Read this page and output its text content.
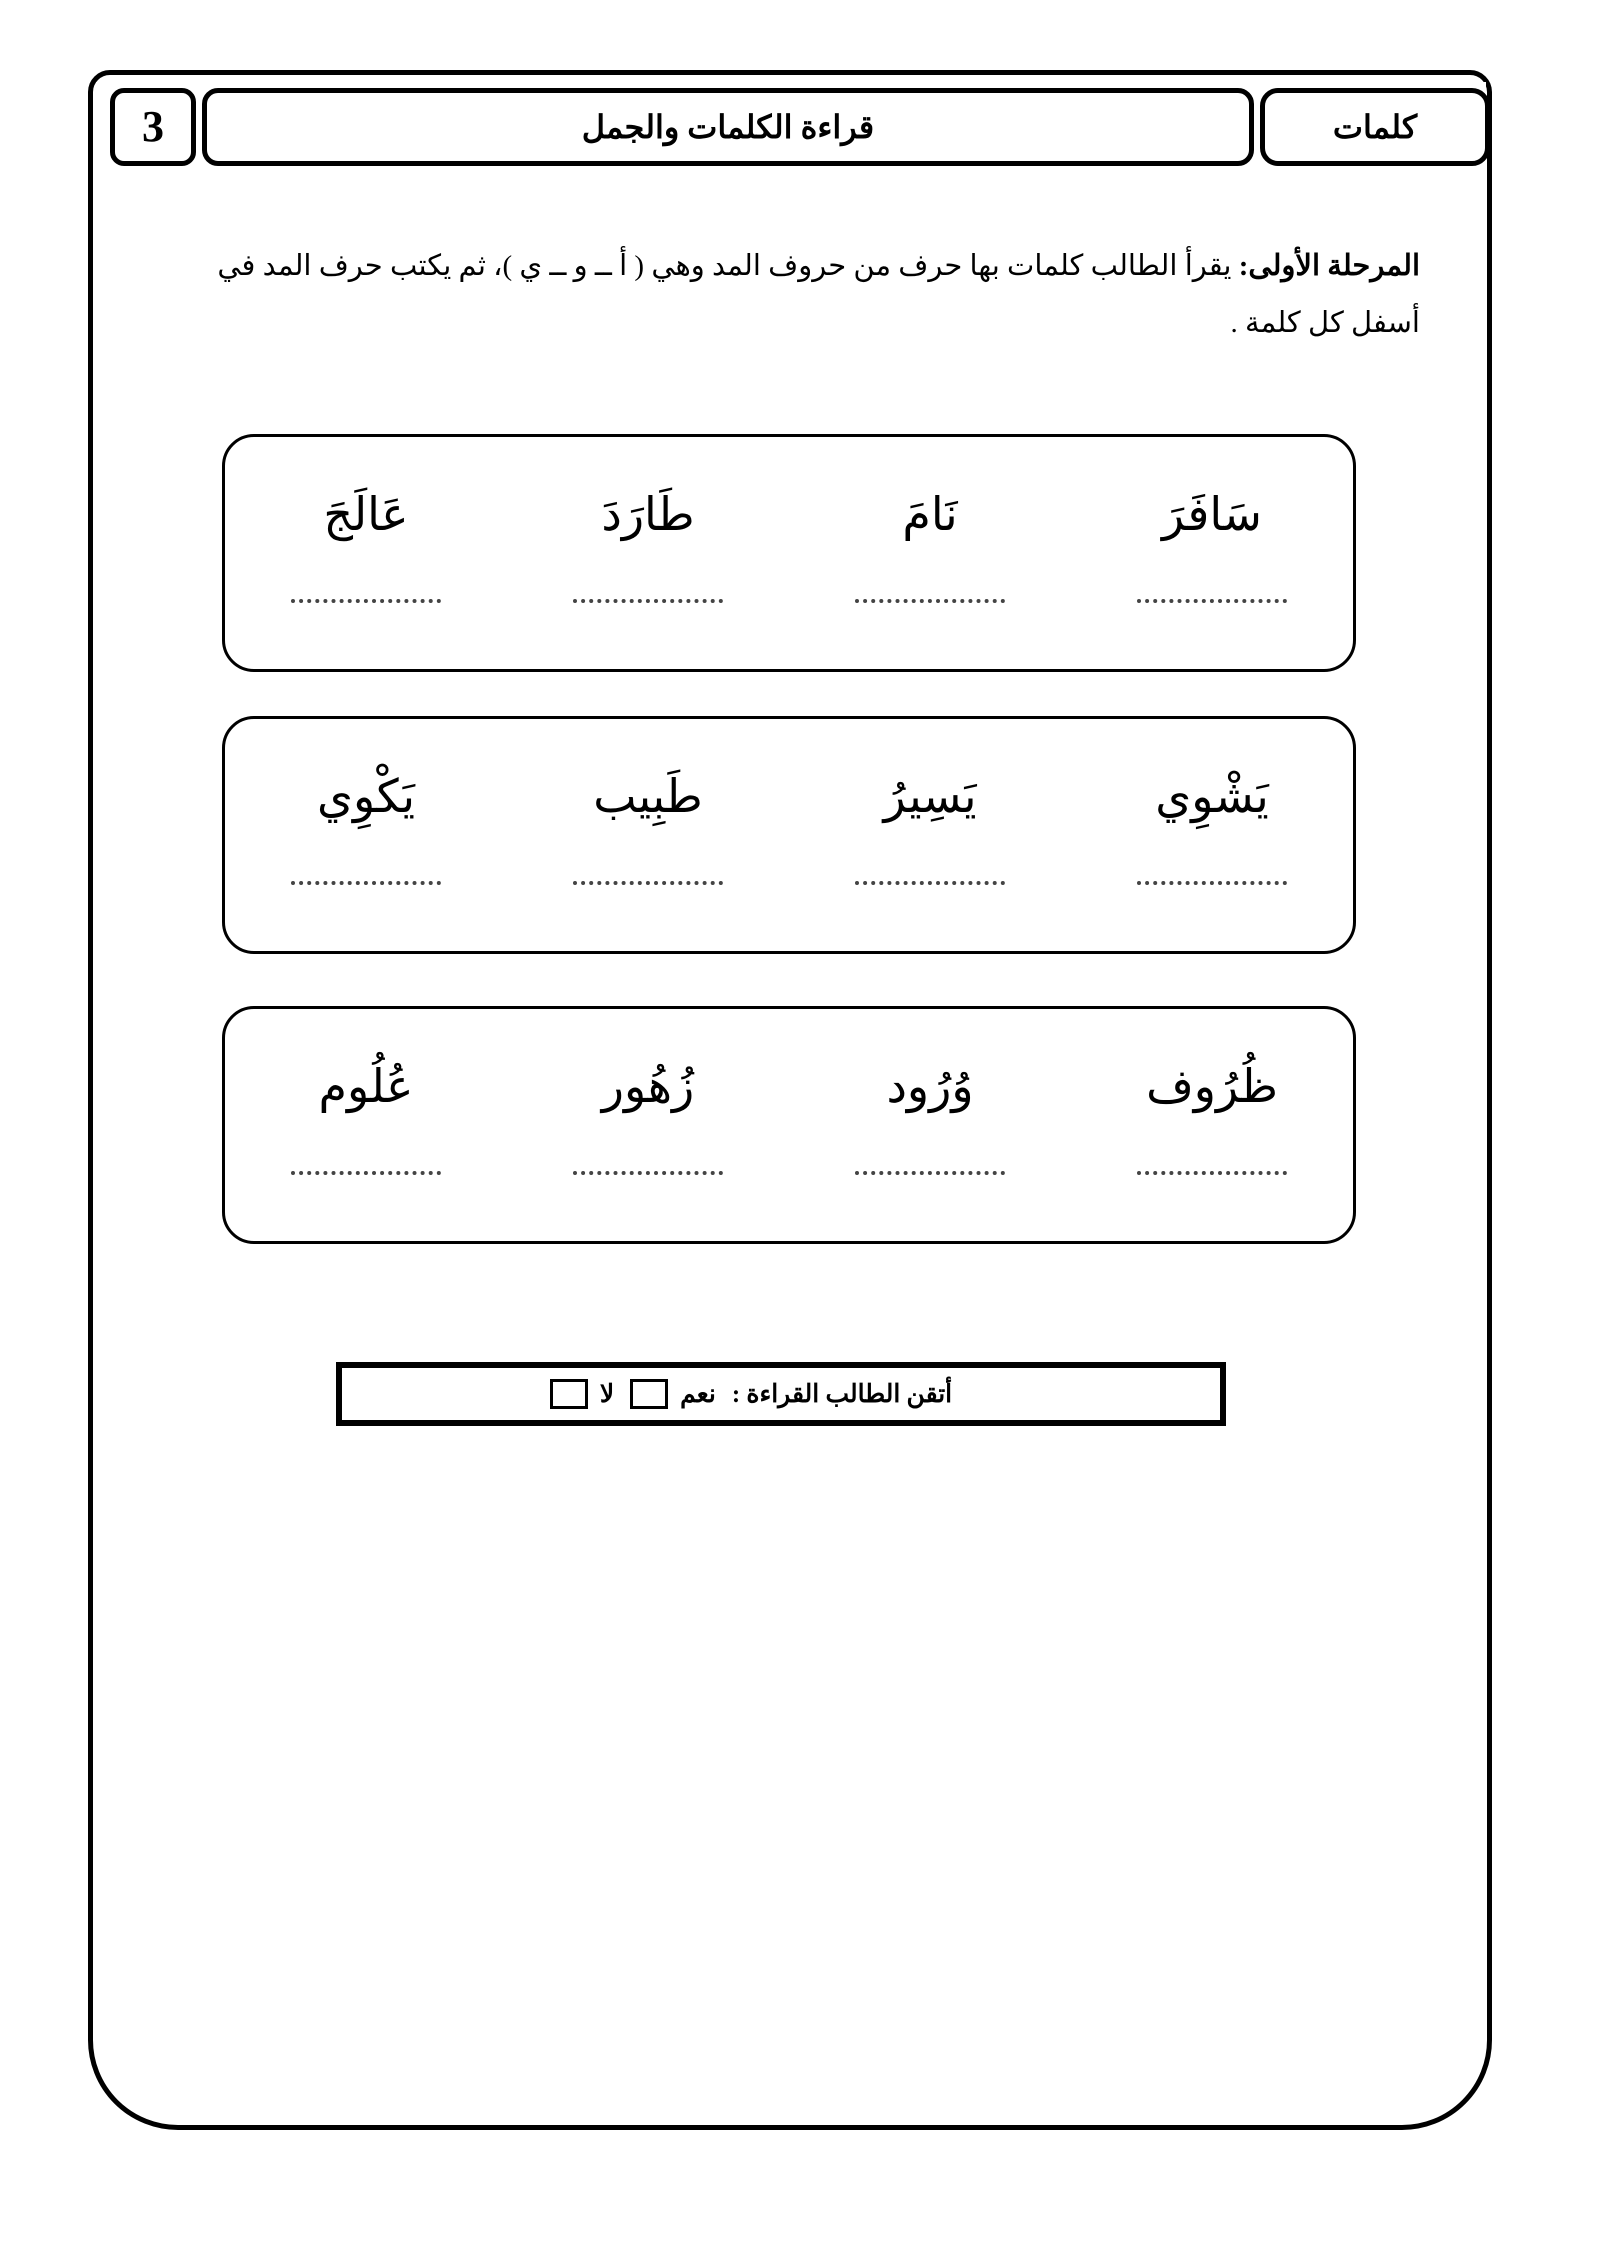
3	قراءة الكلمات والجمل	كلمات
المرحلة الأولى: يقرأ الطالب كلمات بها حرف من حروف المد وهي ( أ ــ و ــ ي )، ثم يكتب حرف المد في أسفل كل كلمة .
سَافَرَ
نَامَ
طَارَدَ
عَالَجَ
يَشْوِي
يَسِيرُ
طَبِيب
يَكْوِي
ظُرُوف
وُرُود
زُهُور
عُلُوم
أتقن الطالب القراءة :
نعم
لا
